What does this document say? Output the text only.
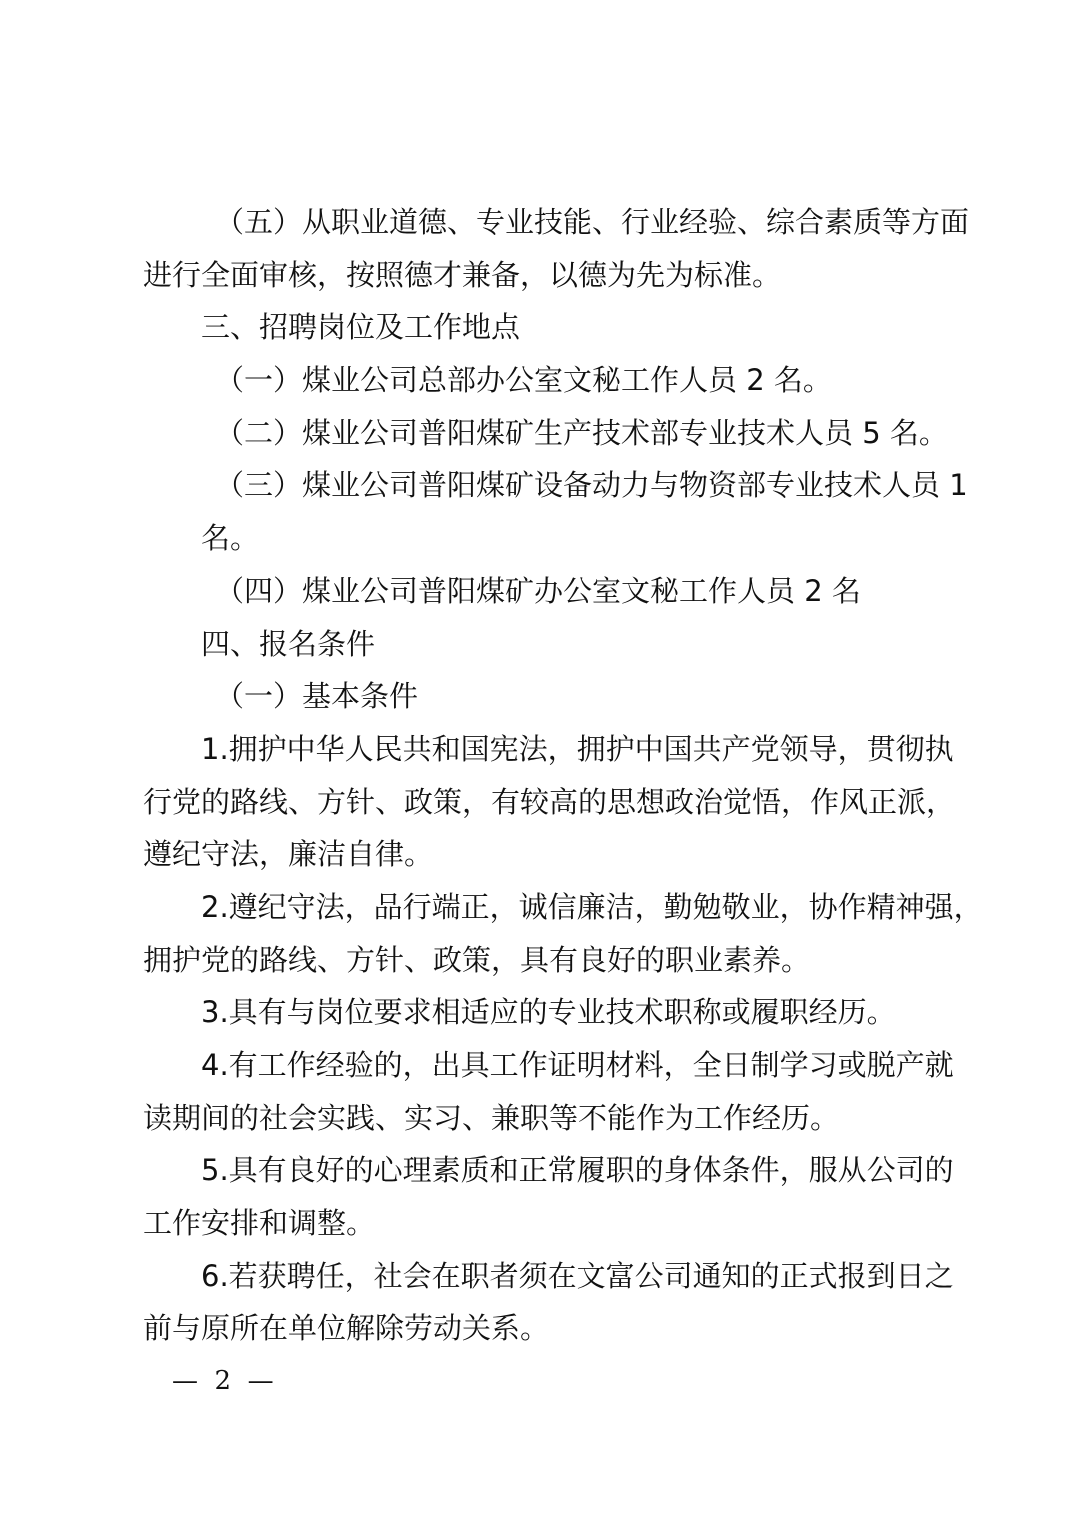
（五）从职业道德、专业技能、行业经验、综合素质等方面
进行全面审核，按照德才兼备，以德为先为标准。
三、招聘岗位及工作地点
（一）煤业公司总部办公室文秘工作人员 2 名。
（二）煤业公司普阳煤矿生产技术部专业技术人员 5 名。
（三）煤业公司普阳煤矿设备动力与物资部专业技术人员 1
名。
（四）煤业公司普阳煤矿办公室文秘工作人员 2 名
四、报名条件
（一）基本条件
1.拥护中华人民共和国宪法，拥护中国共产党领导，贯彻执
行党的路线、方针、政策，有较高的思想政治觉悟，作风正派，
遵纪守法，廉洁自律。
2.遵纪守法，品行端正，诚信廉洁，勤勉敬业，协作精神强，
拥护党的路线、方针、政策，具有良好的职业素养。
3.具有与岗位要求相适应的专业技术职称或履职经历。
4.有工作经验的，出具工作证明材料，全日制学习或脱产就
读期间的社会实践、实习、兼职等不能作为工作经历。
5.具有良好的心理素质和正常履职的身体条件，服从公司的
工作安排和调整。
6.若获聘任，社会在职者须在文富公司通知的正式报到日之
前与原所在单位解除劳动关系。
—  2  —
